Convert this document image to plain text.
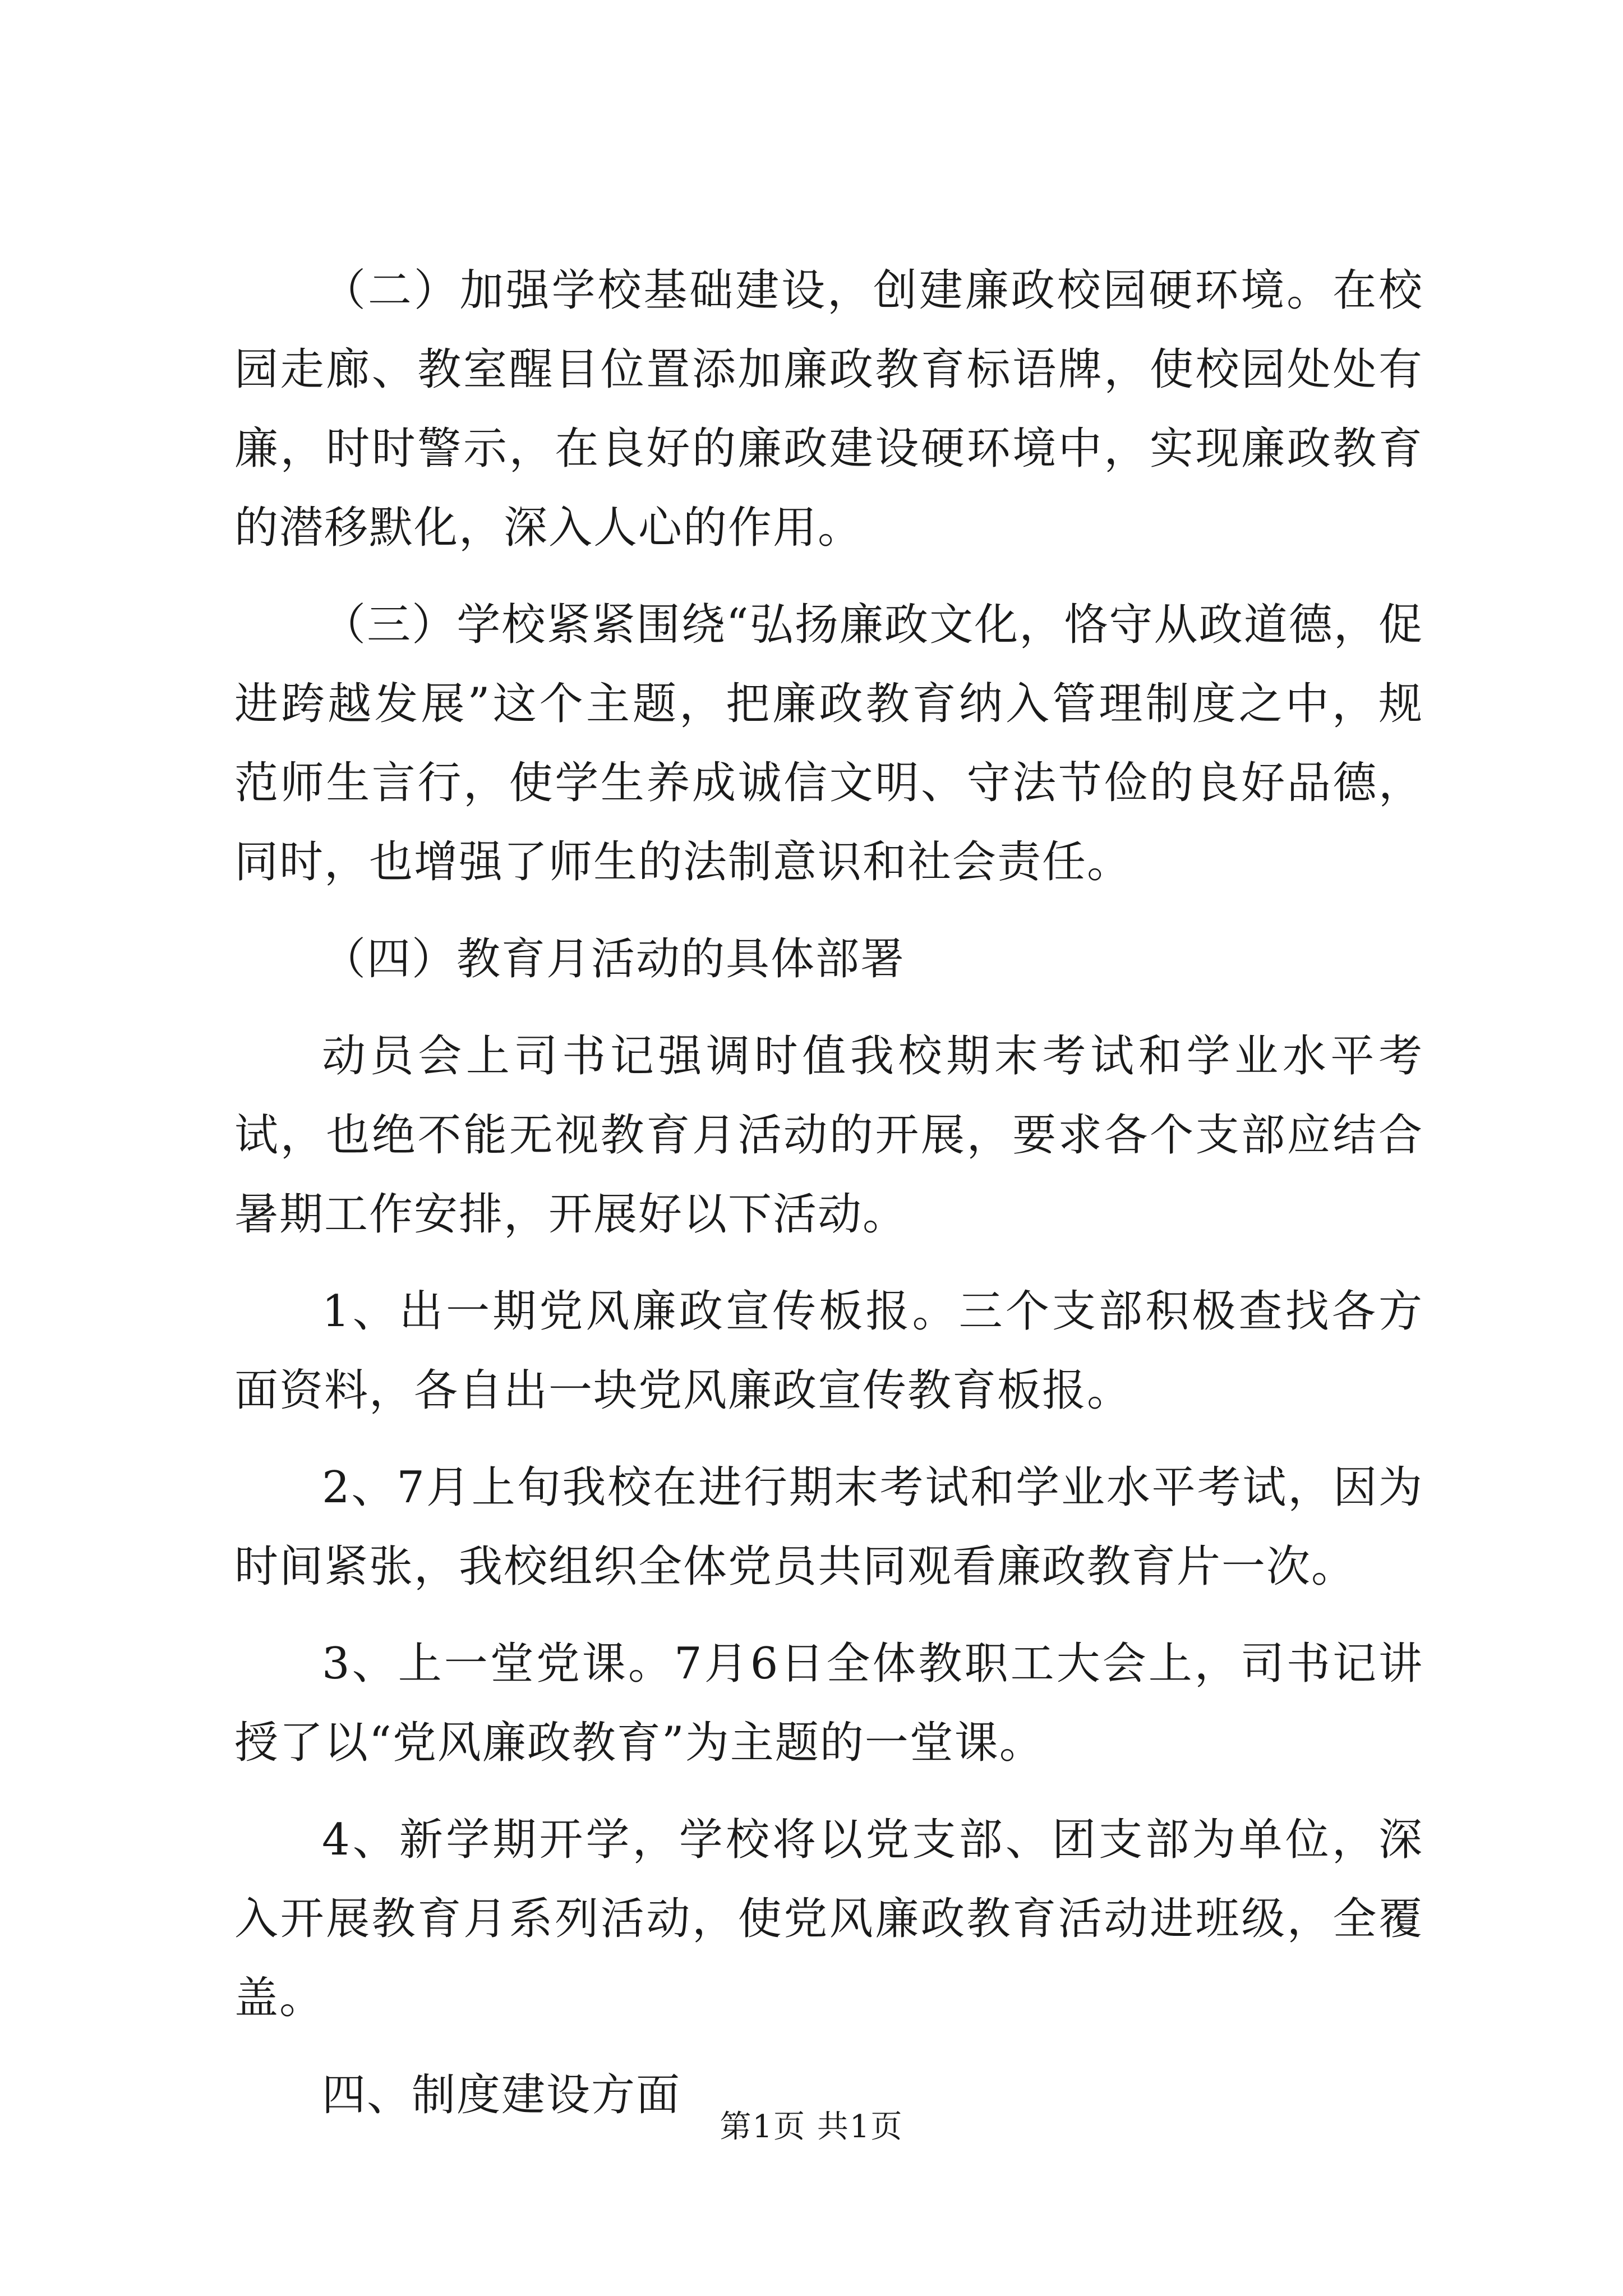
（二）加强学校基础建设，创建廉政校园硬环境。在校园走廊、教室醒目位置添加廉政教育标语牌，使校园处处有廉，时时警示，在良好的廉政建设硬环境中，实现廉政教育的潜移默化，深入人心的作用。

（三）学校紧紧围绕“弘扬廉政文化，恪守从政道德，促进跨越发展”这个主题，把廉政教育纳入管理制度之中，规范师生言行，使学生养成诚信文明、守法节俭的良好品德，同时，也增强了师生的法制意识和社会责任。

（四）教育月活动的具体部署

动员会上司书记强调时值我校期末考试和学业水平考试，也绝不能无视教育月活动的开展，要求各个支部应结合暑期工作安排，开展好以下活动。

1、出一期党风廉政宣传板报。三个支部积极查找各方面资料，各自出一块党风廉政宣传教育板报。

2、7月上旬我校在进行期末考试和学业水平考试，因为时间紧张，我校组织全体党员共同观看廉政教育片一次。

3、上一堂党课。7月6日全体教职工大会上，司书记讲授了以“党风廉政教育”为主题的一堂课。

4、新学期开学，学校将以党支部、团支部为单位，深入开展教育月系列活动，使党风廉政教育活动进班级，全覆盖。

四、制度建设方面

第1页 共1页
